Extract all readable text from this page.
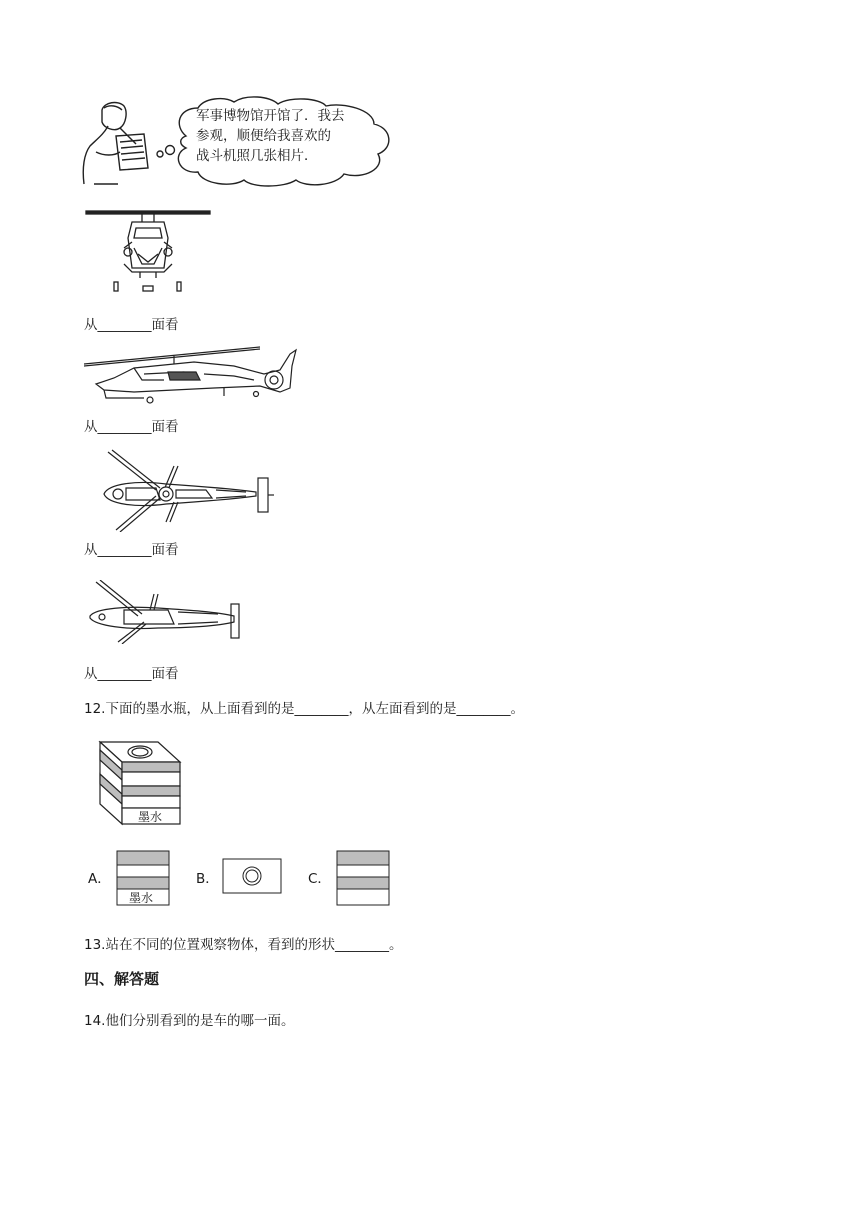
军事博物馆开馆了．我去
参观，顺便给我喜欢的
战斗机照几张相片．
从________面看
从________面看
从________面看
从________面看
12.下面的墨水瓶，从上面看到的是________，从左面看到的是________。
墨水
A．
墨水
B．	C．
13.站在不同的位置观察物体，看到的形状________。
四、解答题
14.他们分别看到的是车的哪一面。
